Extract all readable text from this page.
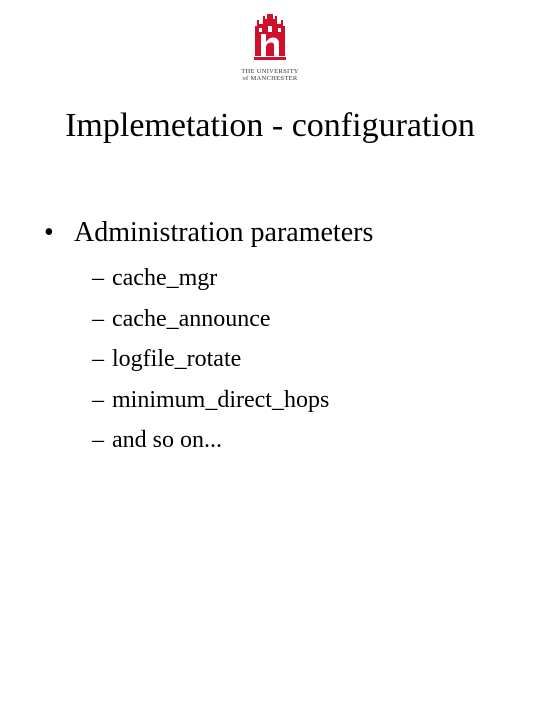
THE UNIVERSITY
of MANCHESTER
Implemetation - configuration
• Administration parameters
– cache_mgr
– cache_announce
– logfile_rotate
– minimum_direct_hops
– and so on...
